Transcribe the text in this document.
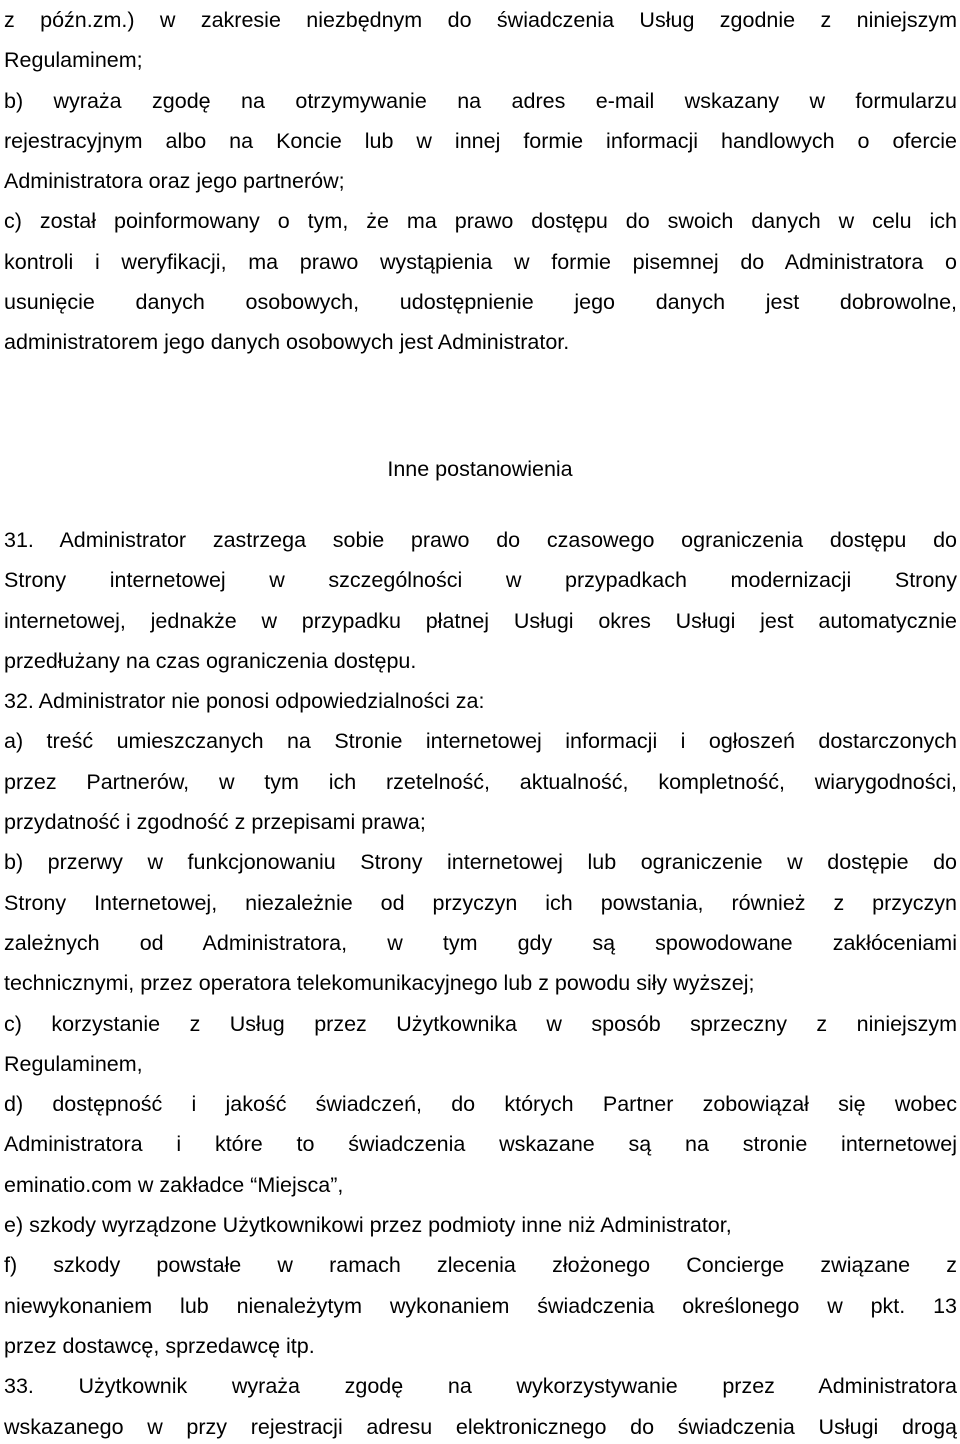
z późn.zm.) w zakresie niezbędnym do świadczenia Usług zgodnie z niniejszym
Regulaminem;
b) wyraża zgodę na otrzymywanie na adres e-mail wskazany w formularzu
rejestracyjnym albo na Koncie lub w innej formie informacji handlowych o ofercie
Administratora oraz jego partnerów;
c) został poinformowany o tym, że ma prawo dostępu do swoich danych w celu ich
kontroli i weryfikacji, ma prawo wystąpienia w formie pisemnej do Administratora o
usunięcie danych osobowych, udostępnienie jego danych jest dobrowolne,
administratorem jego danych osobowych jest Administrator.
Inne postanowienia
31. Administrator zastrzega sobie prawo do czasowego ograniczenia dostępu do
Strony internetowej w szczególności w przypadkach modernizacji Strony
internetowej, jednakże w przypadku płatnej Usługi okres Usługi jest automatycznie
przedłużany na czas ograniczenia dostępu.
32. Administrator nie ponosi odpowiedzialności za:
a) treść umieszczanych na Stronie internetowej informacji i ogłoszeń dostarczonych
przez Partnerów, w tym ich rzetelność, aktualność, kompletność, wiarygodności,
przydatność i zgodność z przepisami prawa;
b) przerwy w funkcjonowaniu Strony internetowej lub ograniczenie w dostępie do
Strony Internetowej, niezależnie od przyczyn ich powstania, również z przyczyn
zależnych od Administratora, w tym gdy są spowodowane zakłóceniami
technicznymi, przez operatora telekomunikacyjnego lub z powodu siły wyższej;
c) korzystanie z Usług przez Użytkownika w sposób sprzeczny z niniejszym
Regulaminem,
d) dostępność i jakość świadczeń, do których Partner zobowiązał się wobec
Administratora i które to świadczenia wskazane są na stronie internetowej
eminatio.com w zakładce “Miejsca”,
e) szkody wyrządzone Użytkownikowi przez podmioty inne niż Administrator,
f) szkody powstałe w ramach zlecenia złożonego Concierge związane z
niewykonaniem lub nienależytym wykonaniem świadczenia określonego w pkt. 13
przez dostawcę, sprzedawcę itp.
33. Użytkownik wyraża zgodę na wykorzystywanie przez Administratora
wskazanego w przy rejestracji adresu elektronicznego do świadczenia Usługi drogą
